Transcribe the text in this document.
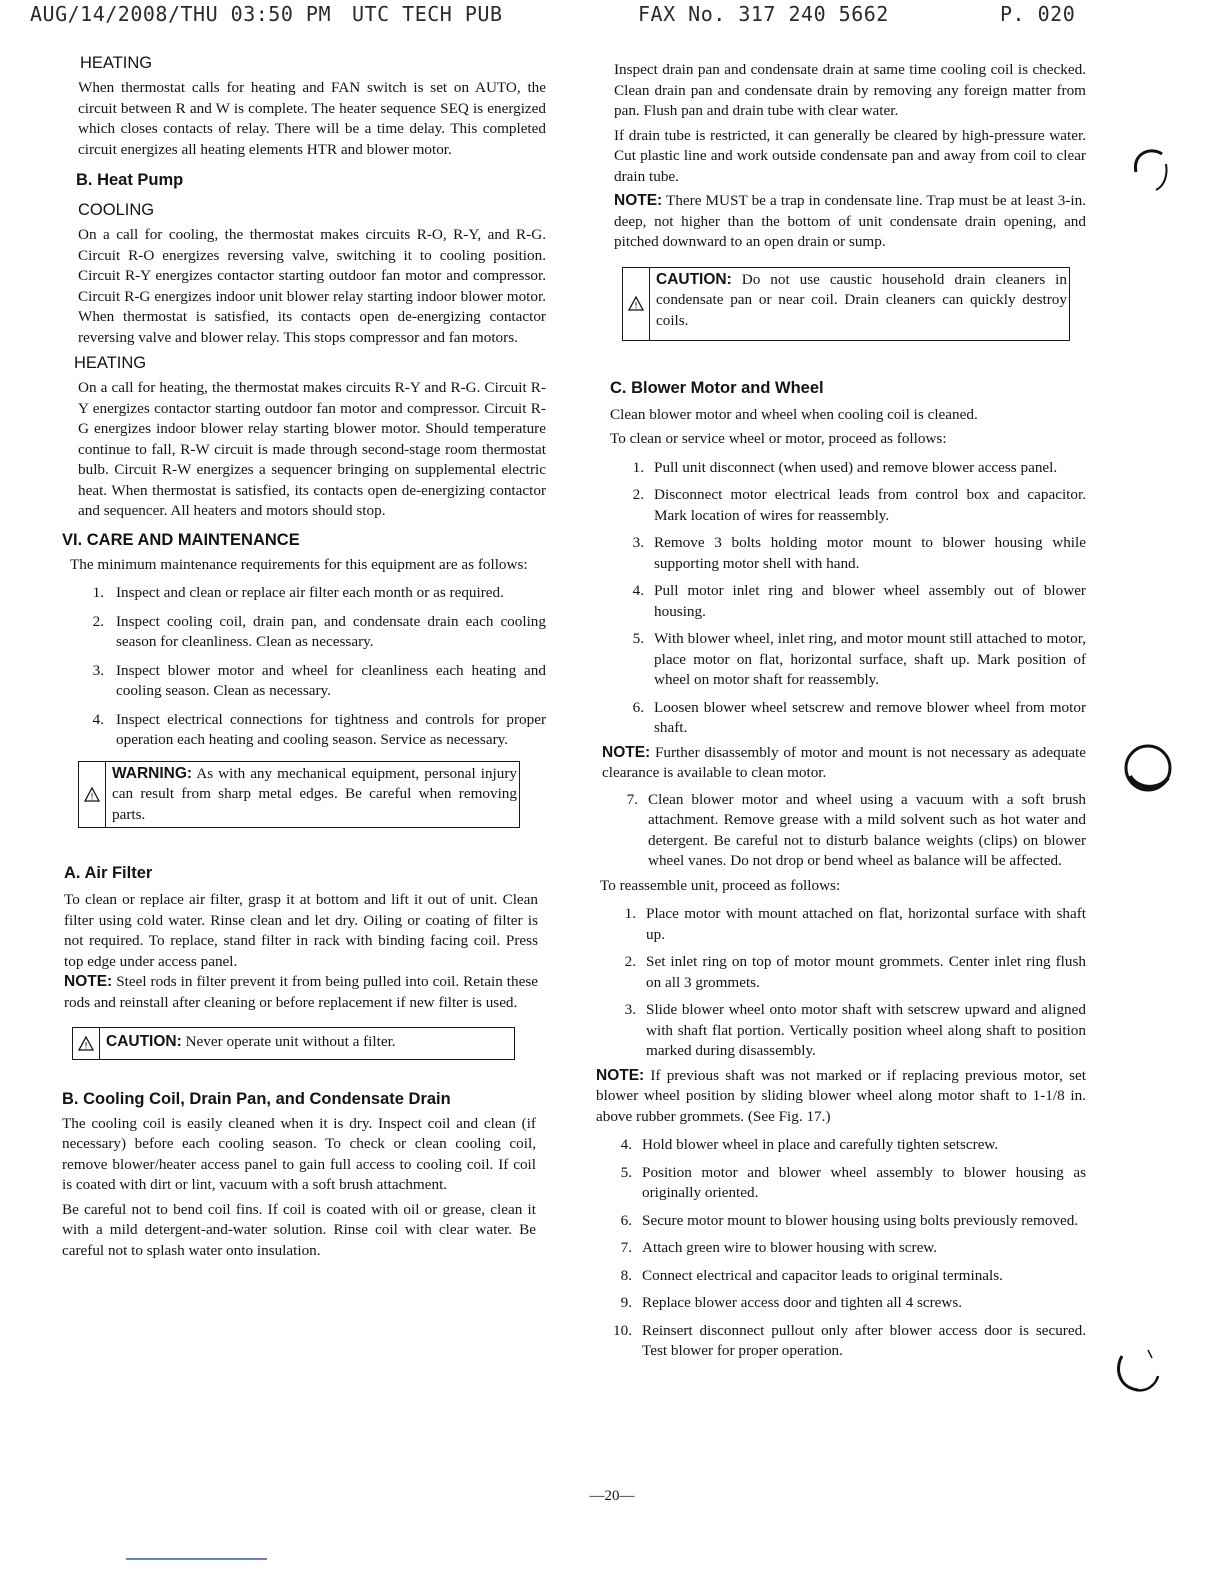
AUG/14/2008/THU 03:50 PM UTC TECH PUB	FAX No. 317 240 5662	P. 020
HEATING

When thermostat calls for heating and FAN switch is set on AUTO, the circuit between R and W is complete. The heater sequence SEQ is energized which closes contacts of relay. There will be a time delay. This completed circuit energizes all heating elements HTR and blower motor.

B. Heat Pump
COOLING

On a call for cooling, the thermostat makes circuits R-O, R-Y, and R-G. Circuit R-O energizes reversing valve, switching it to cooling position. Circuit R-Y energizes contactor starting outdoor fan motor and compressor. Circuit R-G energizes indoor unit blower relay starting indoor blower motor. When thermostat is satisfied, its contacts open de-energizing contactor reversing valve and blower relay. This stops compressor and fan motors.

HEATING

On a call for heating, the thermostat makes circuits R-Y and R-G. Circuit R-Y energizes contactor starting outdoor fan motor and compressor. Circuit R-G energizes indoor blower relay starting blower motor. Should temperature continue to fall, R-W circuit is made through second-stage room thermostat bulb. Circuit R-W energizes a sequencer bringing on supplemental electric heat. When thermostat is satisfied, its contacts open de-energizing contactor and sequencer. All heaters and motors should stop.

VI. CARE AND MAINTENANCE

The minimum maintenance requirements for this equipment are as follows:

1. Inspect and clean or replace air filter each month or as required.
2. Inspect cooling coil, drain pan, and condensate drain each cooling season for cleanliness. Clean as necessary.
3. Inspect blower motor and wheel for cleanliness each heating and cooling season. Clean as necessary.
4. Inspect electrical connections for tightness and controls for proper operation each heating and cooling season. Service as necessary.
!
WARNING: As with any mechanical equipment, personal injury can result from sharp metal edges. Be careful when removing parts.
A. Air Filter

To clean or replace air filter, grasp it at bottom and lift it out of unit. Clean filter using cold water. Rinse clean and let dry. Oiling or coating of filter is not required. To replace, stand filter in rack with binding facing coil. Press top edge under access panel.

NOTE: Steel rods in filter prevent it from being pulled into coil. Retain these rods and reinstall after cleaning or before replacement if new filter is used.

!	CAUTION: Never operate unit without a filter.
B. Cooling Coil, Drain Pan, and Condensate Drain

The cooling coil is easily cleaned when it is dry. Inspect coil and clean (if necessary) before each cooling season. To check or clean cooling coil, remove blower/heater access panel to gain full access to cooling coil. If coil is coated with dirt or lint, vacuum with a soft brush attachment.

Be careful not to bend coil fins. If coil is coated with oil or grease, clean it with a mild detergent-and-water solution. Rinse coil with clear water. Be careful not to splash water onto insulation.

Inspect drain pan and condensate drain at same time cooling coil is checked. Clean drain pan and condensate drain by removing any foreign matter from pan. Flush pan and drain tube with clear water.

If drain tube is restricted, it can generally be cleared by high-pressure water. Cut plastic line and work outside condensate pan and away from coil to clear drain tube.

NOTE: There MUST be a trap in condensate line. Trap must be at least 3-in. deep, not higher than the bottom of unit condensate drain opening, and pitched downward to an open drain or sump.

!
CAUTION: Do not use caustic household drain cleaners in condensate pan or near coil. Drain cleaners can quickly destroy coils.
C. Blower Motor and Wheel

Clean blower motor and wheel when cooling coil is cleaned.

To clean or service wheel or motor, proceed as follows:

1. Pull unit disconnect (when used) and remove blower access panel.
2. Disconnect motor electrical leads from control box and capacitor. Mark location of wires for reassembly.
3. Remove 3 bolts holding motor mount to blower housing while supporting motor shell with hand.
4. Pull motor inlet ring and blower wheel assembly out of blower housing.
5. With blower wheel, inlet ring, and motor mount still attached to motor, place motor on flat, horizontal surface, shaft up. Mark position of wheel on motor shaft for reassembly.
6. Loosen blower wheel setscrew and remove blower wheel from motor shaft.

NOTE: Further disassembly of motor and mount is not necessary as adequate clearance is available to clean motor.

7. Clean blower motor and wheel using a vacuum with a soft brush attachment. Remove grease with a mild solvent such as hot water and detergent. Be careful not to disturb balance weights (clips) on blower wheel vanes. Do not drop or bend wheel as balance will be affected.

To reassemble unit, proceed as follows:

1. Place motor with mount attached on flat, horizontal surface with shaft up.
2. Set inlet ring on top of motor mount grommets. Center inlet ring flush on all 3 grommets.
3. Slide blower wheel onto motor shaft with setscrew upward and aligned with shaft flat portion. Vertically position wheel along shaft to position marked during disassembly.

NOTE: If previous shaft was not marked or if replacing previous motor, set blower wheel position by sliding blower wheel along motor shaft to 1-1/8 in. above rubber grommets. (See Fig. 17.)

4. Hold blower wheel in place and carefully tighten setscrew.
5. Position motor and blower wheel assembly to blower housing as originally oriented.
6. Secure motor mount to blower housing using bolts previously removed.
7. Attach green wire to blower housing with screw.
8. Connect electrical and capacitor leads to original terminals.
9. Replace blower access door and tighten all 4 screws.
10. Reinsert disconnect pullout only after blower access door is secured. Test blower for proper operation.
—20—
